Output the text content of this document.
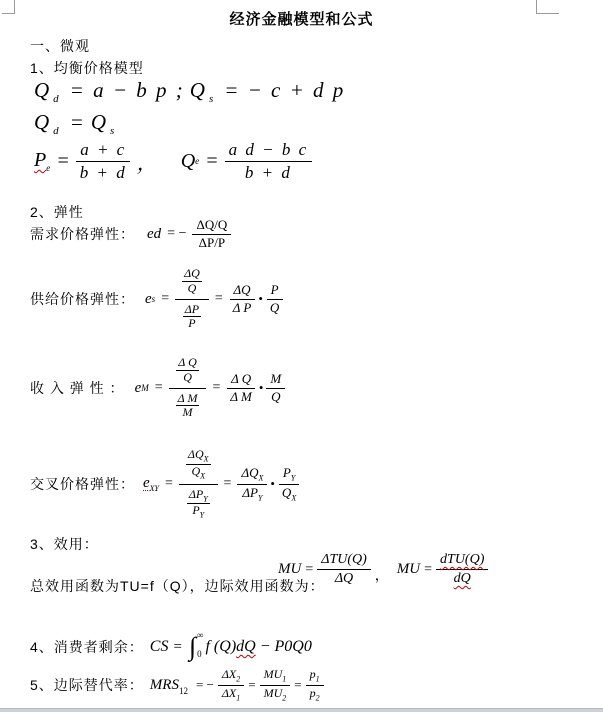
经济金融模型和公式
一、微观
1、均衡价格模型
Q $_d$ = a − b p ; Q $_s$ = − c + d p
Q $_d$ = Q $_s$
$P_e = \frac{a + c}{b + d}$ ， Q $e = \frac{\text{a d − b c}}{b + d}$
2、弹性
需求价格弹性： ed = − $\frac{\Delta Q/Q}{\Delta P/P}$
供给价格弹性： e $s = \frac{\frac{\Delta Q}{Q}}{\frac{\Delta P}{P}} = \frac{\Delta Q}{\text{Δ P}}$ • $\frac{P}{Q}$
收 入 弹 性 ： e $M = \frac{\frac{\text{Δ Q}}{Q}}{\frac{\text{Δ M}}{M}} = \frac{\text{Δ Q}}{\text{Δ M}}$ • $\frac{M}{Q}$
交叉价格弹性： $e_{XY} = \frac{\frac{\Delta Q_X}{Q_X}}{\frac{\Delta P_Y}{P_Y}} = \frac{\Delta Q_X}{\Delta P_Y}$ • $\frac{P_Y}{Q_X}$
3、效用：
MU = $\frac{\text{ΔTU(Q)}}{\Delta Q}$ ， MU = $\frac{\text{dTU(Q)}}{dQ}$
总效用函数为TU=f（Q），边际效用函数为：
4、消费者剩余： CS = ∫ ∞
0 f (Q) dQ − P0Q0
5、边际替代率： $MRS_{12}$ = − $\frac{\Delta X_2}{\Delta X_1} = \frac{MU_1}{MU_2} = \frac{p_1}{p_2}$
